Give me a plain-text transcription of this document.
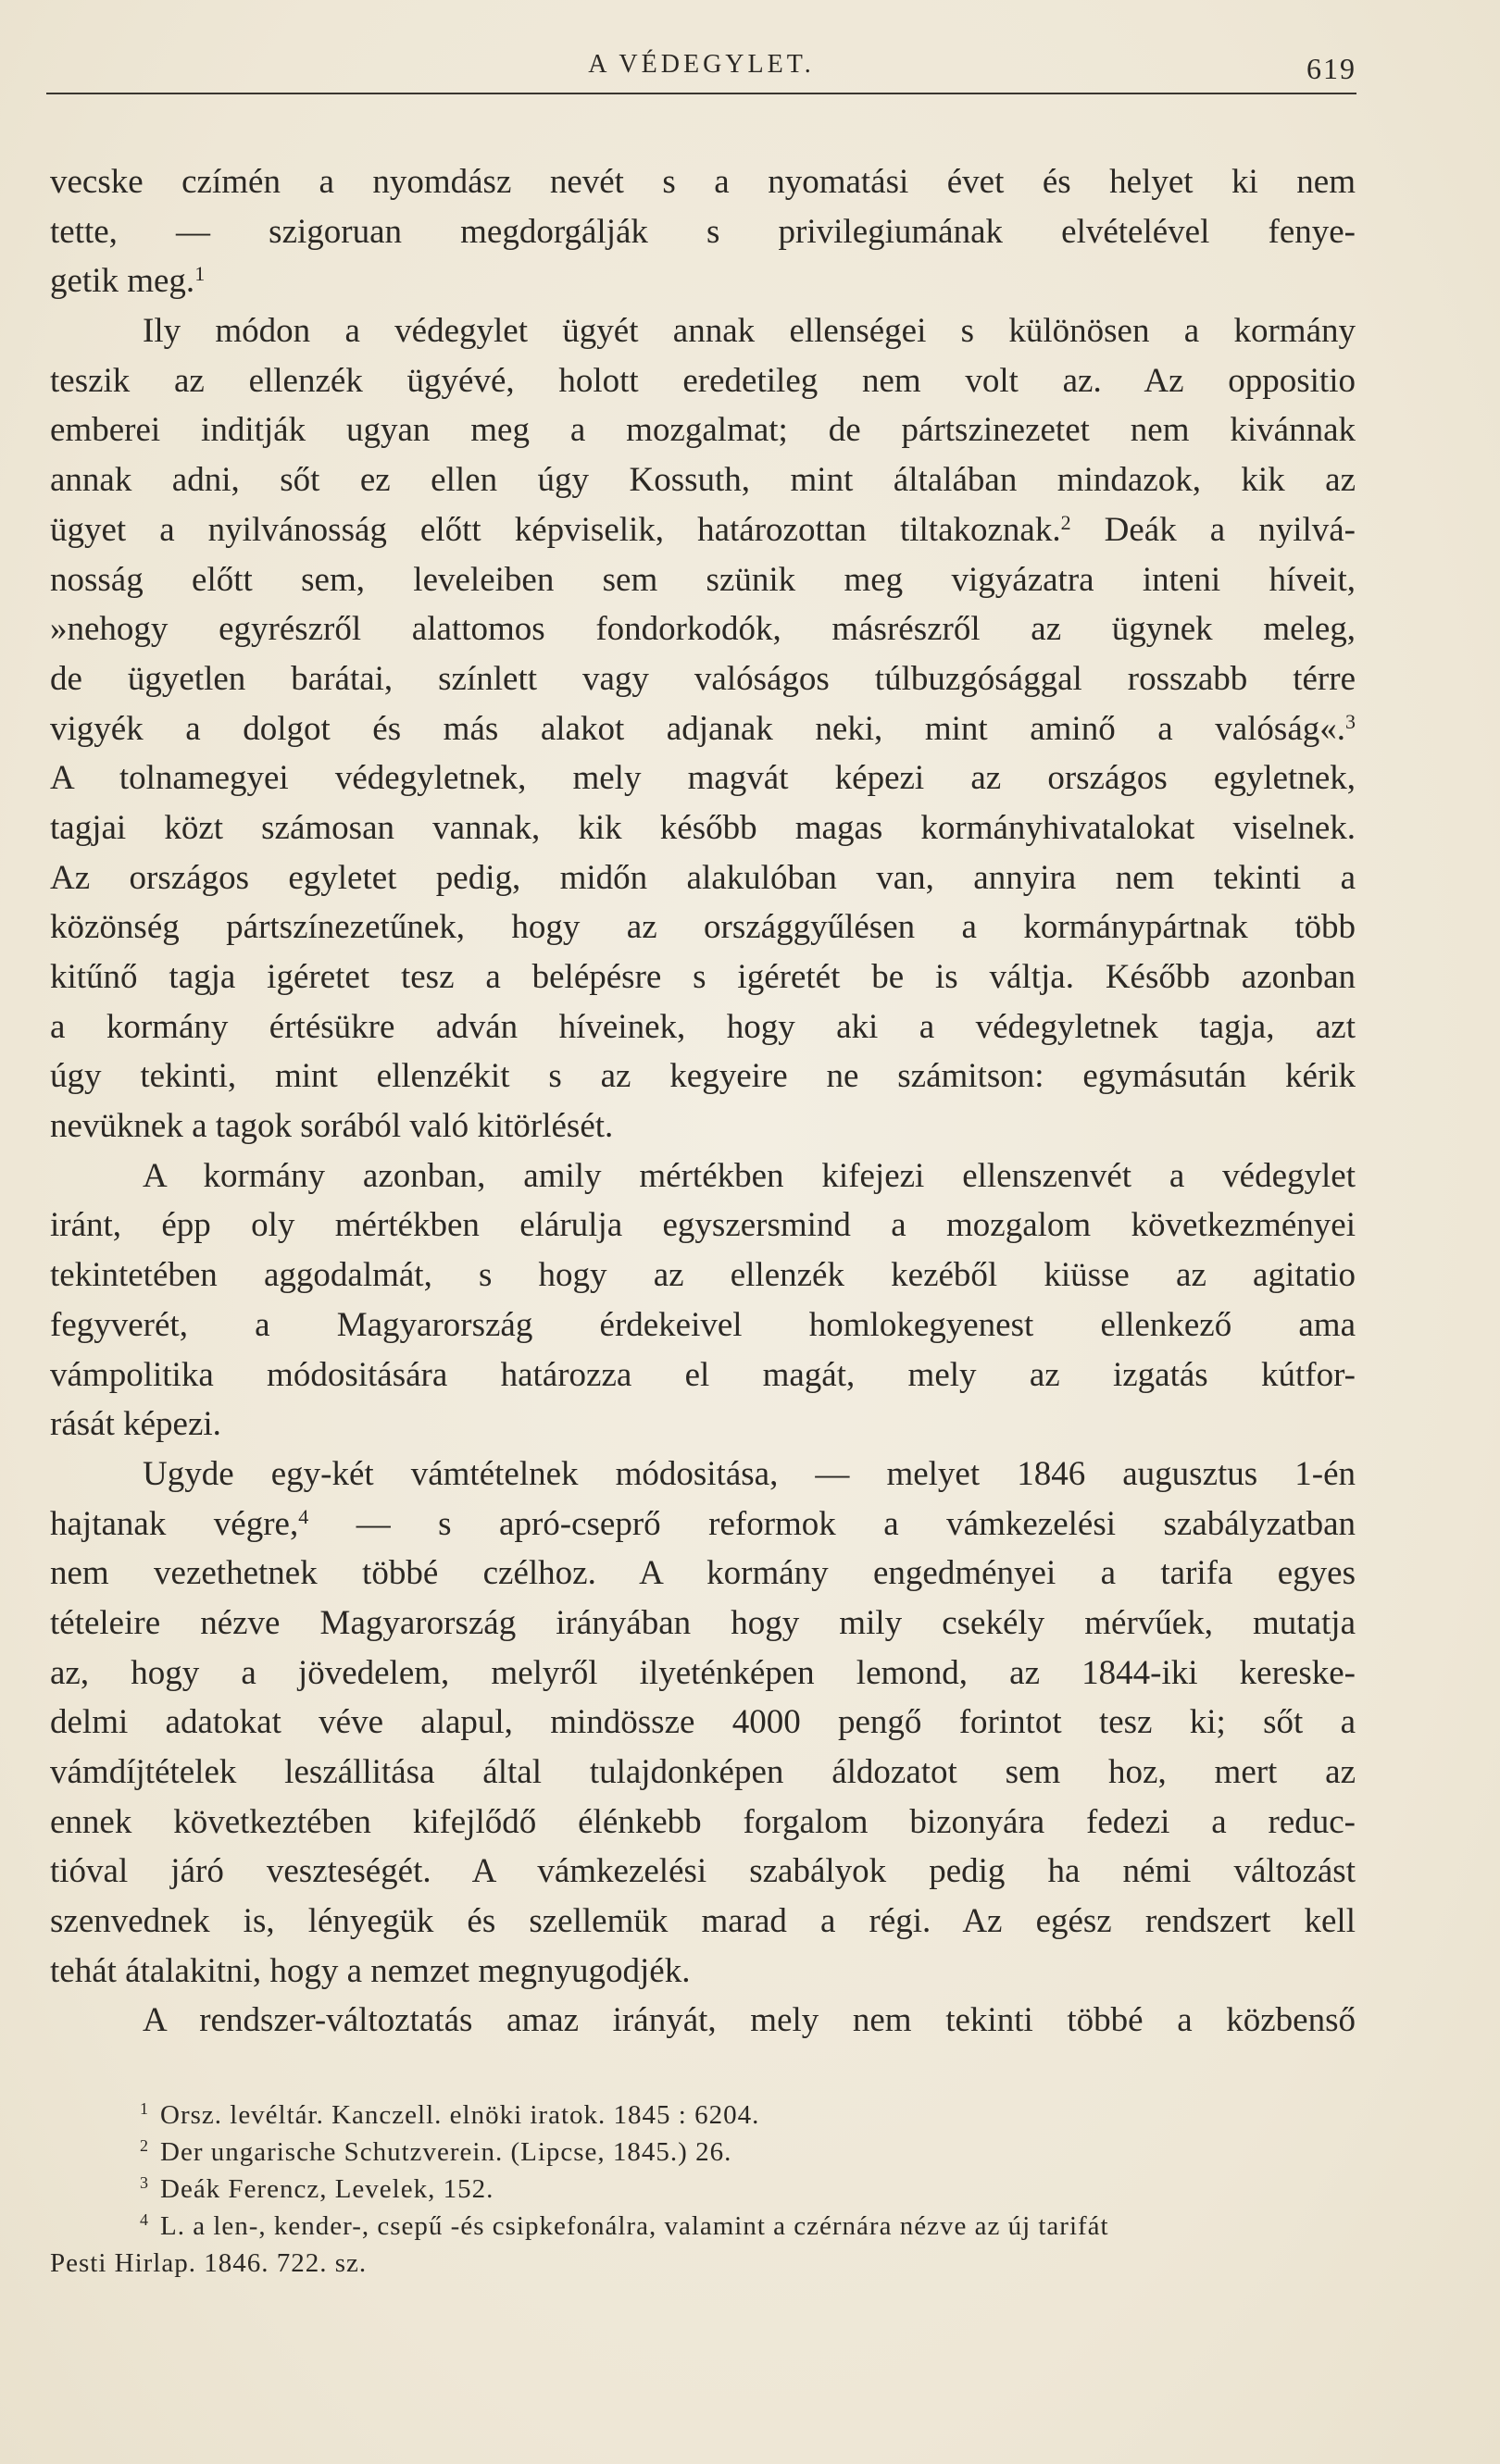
A VÉDEGYLET.	619
vecske czímén a nyomdász nevét s a nyomatási évet és helyet ki nem
tette, — szigoruan megdorgálják s privilegiumának elvételével fenye-
getik meg.$^1$
Ily módon a védegylet ügyét annak ellenségei s különösen a kormány
teszik az ellenzék ügyévé, holott eredetileg nem volt az. Az oppositio
emberei inditják ugyan meg a mozgalmat; de pártszinezetet nem kivánnak
annak adni, sőt ez ellen úgy Kossuth, mint általában mindazok, kik az
ügyet a nyilvánosság előtt képviselik, határozottan tiltakoznak.$^2$ Deák a nyilvá-
nosság előtt sem, leveleiben sem szünik meg vigyázatra inteni híveit,
»nehogy egyrészről alattomos fondorkodók, másrészről az ügynek meleg,
de ügyetlen barátai, színlett vagy valóságos túlbuzgósággal rosszabb térre
vigyék a dolgot és más alakot adjanak neki, mint aminő a valóság«.$^3$
A tolnamegyei védegyletnek, mely magvát képezi az országos egyletnek,
tagjai közt számosan vannak, kik később magas kormányhivatalokat viselnek.
Az országos egyletet pedig, midőn alakulóban van, annyira nem tekinti a
közönség pártszínezetűnek, hogy az országgyűlésen a kormánypártnak több
kitűnő tagja igéretet tesz a belépésre s igéretét be is váltja. Később azonban
a kormány értésükre adván híveinek, hogy aki a védegyletnek tagja, azt
úgy tekinti, mint ellenzékit s az kegyeire ne számitson: egymásután kérik
nevüknek a tagok sorából való kitörlését.
A kormány azonban, amily mértékben kifejezi ellenszenvét a védegylet
iránt, épp oly mértékben elárulja egyszersmind a mozgalom következményei
tekintetében aggodalmát, s hogy az ellenzék kezéből kiüsse az agitatio
fegyverét, a Magyarország érdekeivel homlokegyenest ellenkező ama
vámpolitika módositására határozza el magát, mely az izgatás kútfor-
rását képezi.
Ugyde egy-két vámtételnek módositása, — melyet 1846 augusztus 1-én
hajtanak végre,$^4$ — s apró-cseprő reformok a vámkezelési szabályzatban
nem vezethetnek többé czélhoz. A kormány engedményei a tarifa egyes
tételeire nézve Magyarország irányában hogy mily csekély mérvűek, mutatja
az, hogy a jövedelem, melyről ilyeténképen lemond, az 1844-iki kereske-
delmi adatokat véve alapul, mindössze 4000 pengő forintot tesz ki; sőt a
vámdíjtételek leszállitása által tulajdonképen áldozatot sem hoz, mert az
ennek következtében kifejlődő élénkebb forgalom bizonyára fedezi a reduc-
tióval járó veszteségét. A vámkezelési szabályok pedig ha némi változást
szenvednek is, lényegük és szellemük marad a régi. Az egész rendszert kell
tehát átalakitni, hogy a nemzet megnyugodjék.
A rendszer-változtatás amaz irányát, mely nem tekinti többé a közbenső
1 Orsz. levéltár. Kanczell. elnöki iratok. 1845 : 6204.
2 Der ungarische Schutzverein. (Lipcse, 1845.) 26.
3 Deák Ferencz, Levelek, 152.
4 L. a len-, kender-, csepű -és csipkefonálra, valamint a czérnára nézve az új tarifát
Pesti Hirlap. 1846. 722. sz.
